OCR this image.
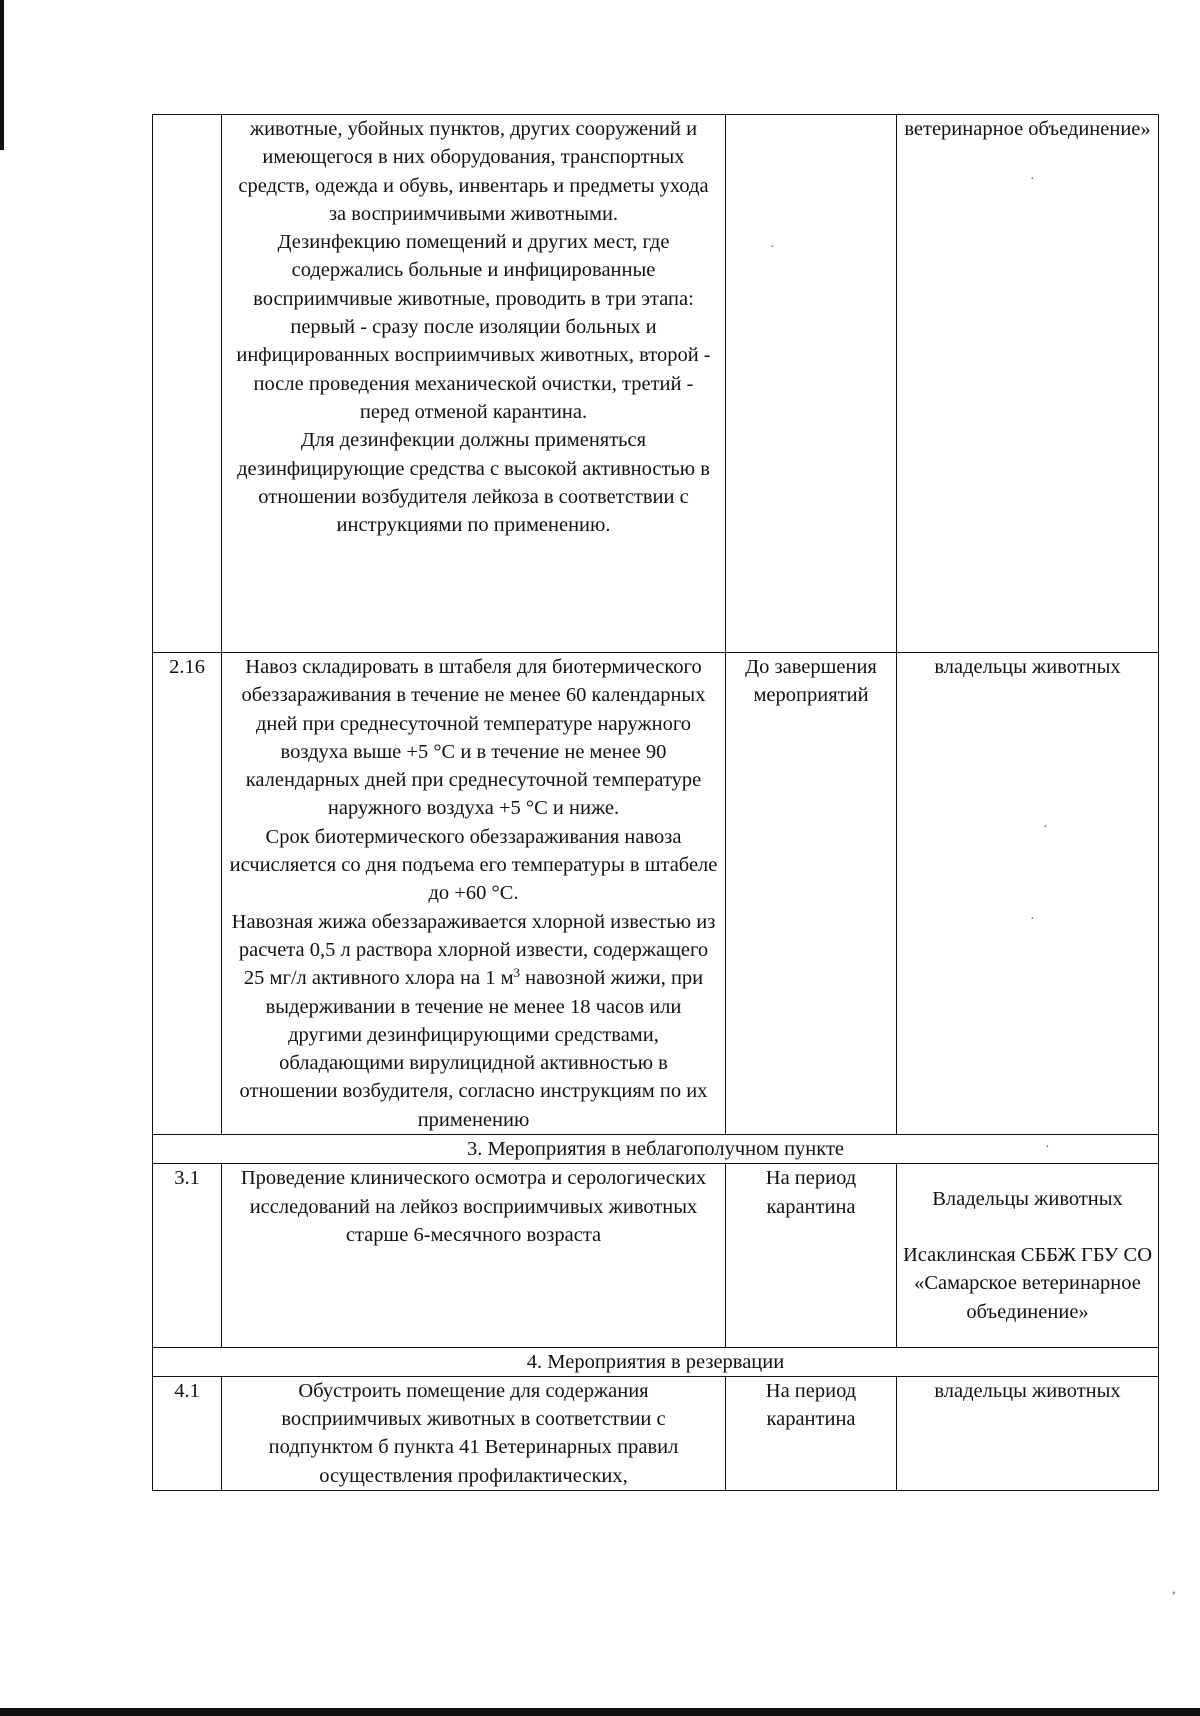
·
·
·
·
·
,

	животные, убойных пунктов, других сооружений и имеющегося в них оборудования, транспортных средств, одежда и обувь, инвентарь и предметы ухода за восприимчивыми животными.

Дезинфекцию помещений и других мест, где содержались больные и инфицированные восприимчивые животные, проводить в три этапа: первый - сразу после изоляции больных и инфицированных восприимчивых животных, второй - после проведения механической очистки, третий - перед отменой карантина.

Для дезинфекции должны применяться дезинфицирующие средства с высокой активностью в отношении возбудителя лейкоза в соответствии с инструкциями по применению.		ветеринарное объединение»
2.16	Навоз складировать в штабеля для биотермического обеззараживания в течение не менее 60 календарных дней при среднесуточной температуре наружного воздуха выше +5 °С и в течение не менее 90 календарных дней при среднесуточной температуре наружного воздуха +5 °С и ниже.

Срок биотермического обеззараживания навоза исчисляется со дня подъема его температуры в штабеле до +60 °С.

Навозная жижа обеззараживается хлорной известью из расчета 0,5 л раствора хлорной извести, содержащего 25 мг/л активного хлора на 1 $м^3$ навозной жижи, при выдерживании в течение не менее 18 часов или другими дезинфицирующими средствами, обладающими вирулицидной активностью в отношении возбудителя, согласно инструкциям по их применению	До завершения мероприятий	владельцы животных
3. Мероприятия в неблагополучном пункте			
3.1	Проведение клинического осмотра и серологических исследований на лейкоз восприимчивых животных старше 6-месячного возраста	На период карантина	Владельцы животных

Исаклинская СББЖ ГБУ СО «Самарское ветеринарное объединение»

4. Мероприятия в резервации			
4.1	Обустроить помещение для содержания восприимчивых животных в соответствии с подпунктом б пункта 41 Ветеринарных правил осуществления профилактических,	На период карантина	владельцы животных
